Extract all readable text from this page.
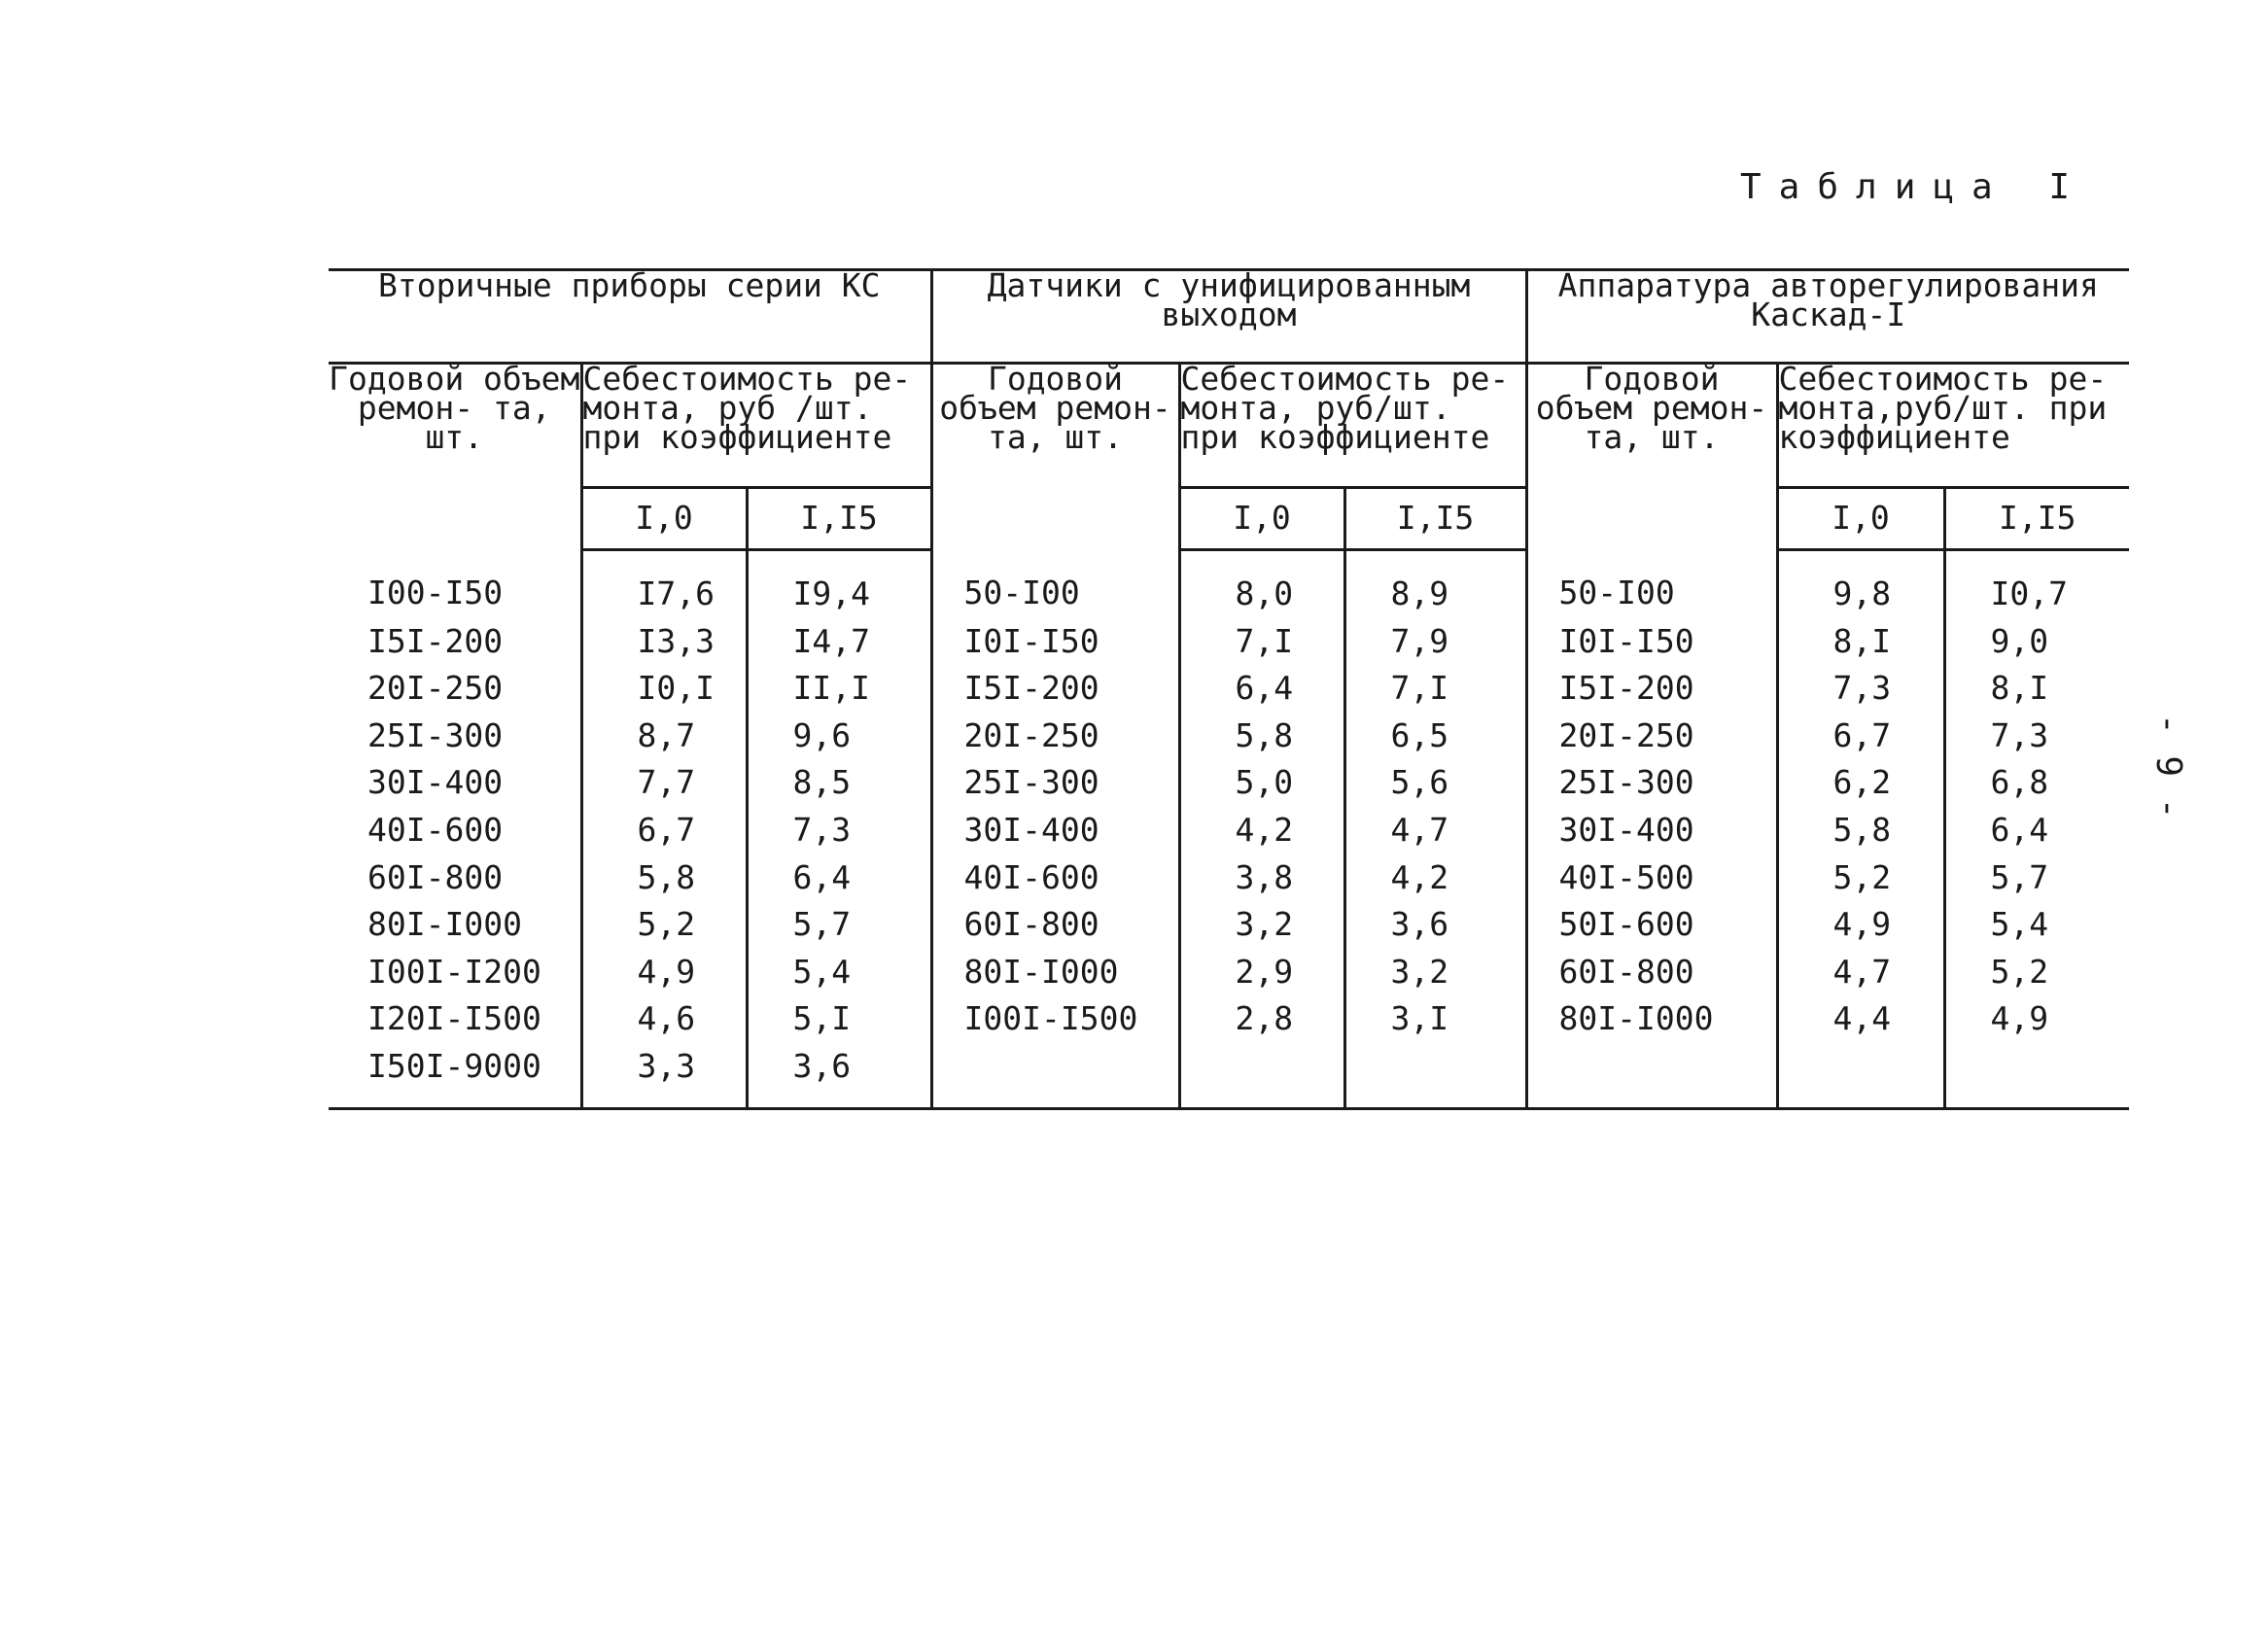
Таблица I
- 9 -
Вторичные приборы серии КС			Датчики с унифицированным выходом			Аппаратура авторегулирования Каскад-I		
Годовой объем ремон- та, шт.	Себестоимость ре- монта, руб /шт. при коэффициенте		Годовой объем ремон- та, шт.	Себестоимость ре- монта, руб/шт. при коэффициенте		Годовой объем ремон- та, шт.	Себестоимость ре- монта,руб/шт. при коэффициенте	
	I,0	I,I5		I,0	I,I5		I,0	I,I5
I00-I50	I7,6	I9,4	50-I00	8,0	8,9	50-I00	9,8	I0,7
I5I-200	I3,3	I4,7	I0I-I50	7,I	7,9	I0I-I50	8,I	9,0
20I-250	I0,I	II,I	I5I-200	6,4	7,I	I5I-200	7,3	8,I
25I-300	8,7	9,6	20I-250	5,8	6,5	20I-250	6,7	7,3
30I-400	7,7	8,5	25I-300	5,0	5,6	25I-300	6,2	6,8
40I-600	6,7	7,3	30I-400	4,2	4,7	30I-400	5,8	6,4
60I-800	5,8	6,4	40I-600	3,8	4,2	40I-500	5,2	5,7
80I-I000	5,2	5,7	60I-800	3,2	3,6	50I-600	4,9	5,4
I00I-I200	4,9	5,4	80I-I000	2,9	3,2	60I-800	4,7	5,2
I20I-I500	4,6	5,I	I00I-I500	2,8	3,I	80I-I000	4,4	4,9
I50I-9000	3,3	3,6						
